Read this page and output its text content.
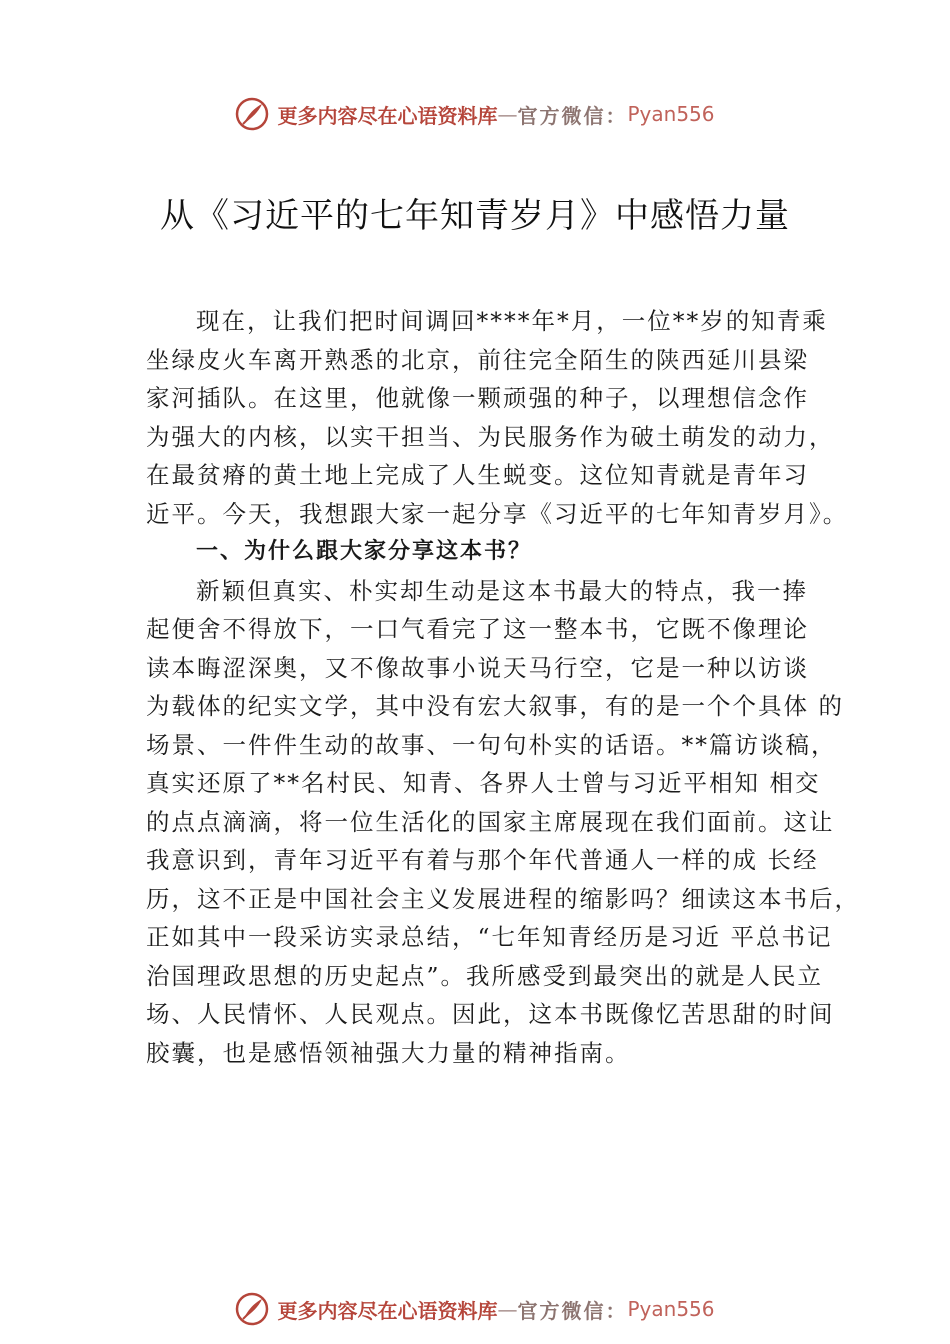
更多内容尽在心语资料库 — 官方微信： Pyan556
从《习近平的七年知青岁月》中感悟力量
现在，让我们把时间调回****年*月，一位**岁的知青乘
坐绿皮火车离开熟悉的北京，前往完全陌生的陕西延川县梁
家河插队。在这里，他就像一颗顽强的种子，以理想信念作
为强大的内核，以实干担当、为民服务作为破土萌发的动力，
在最贫瘠的黄土地上完成了人生蜕变。这位知青就是青年习
近平。今天，我想跟大家一起分享《习近平的七年知青岁月》。
一、为什么跟大家分享这本书？
新颖但真实、朴实却生动是这本书最大的特点，我一捧
起便舍不得放下，一口气看完了这一整本书，它既不像理论
读本晦涩深奥，又不像故事小说天马行空，它是一种以访谈
为载体的纪实文学，其中没有宏大叙事，有的是一个个具体 的
场景、一件件生动的故事、一句句朴实的话语。**篇访谈稿，
真实还原了**名村民、知青、各界人士曾与习近平相知 相交
的点点滴滴，将一位生活化的国家主席展现在我们面前。这让
我意识到，青年习近平有着与那个年代普通人一样的成 长经
历，这不正是中国社会主义发展进程的缩影吗？细读这本书后，
正如其中一段采访实录总结，“七年知青经历是习近 平总书记
治国理政思想的历史起点”。我所感受到最突出的就是人民立
场、人民情怀、人民观点。因此，这本书既像忆苦思甜的时间
胶囊，也是感悟领袖强大力量的精神指南。
更多内容尽在心语资料库 — 官方微信： Pyan556
